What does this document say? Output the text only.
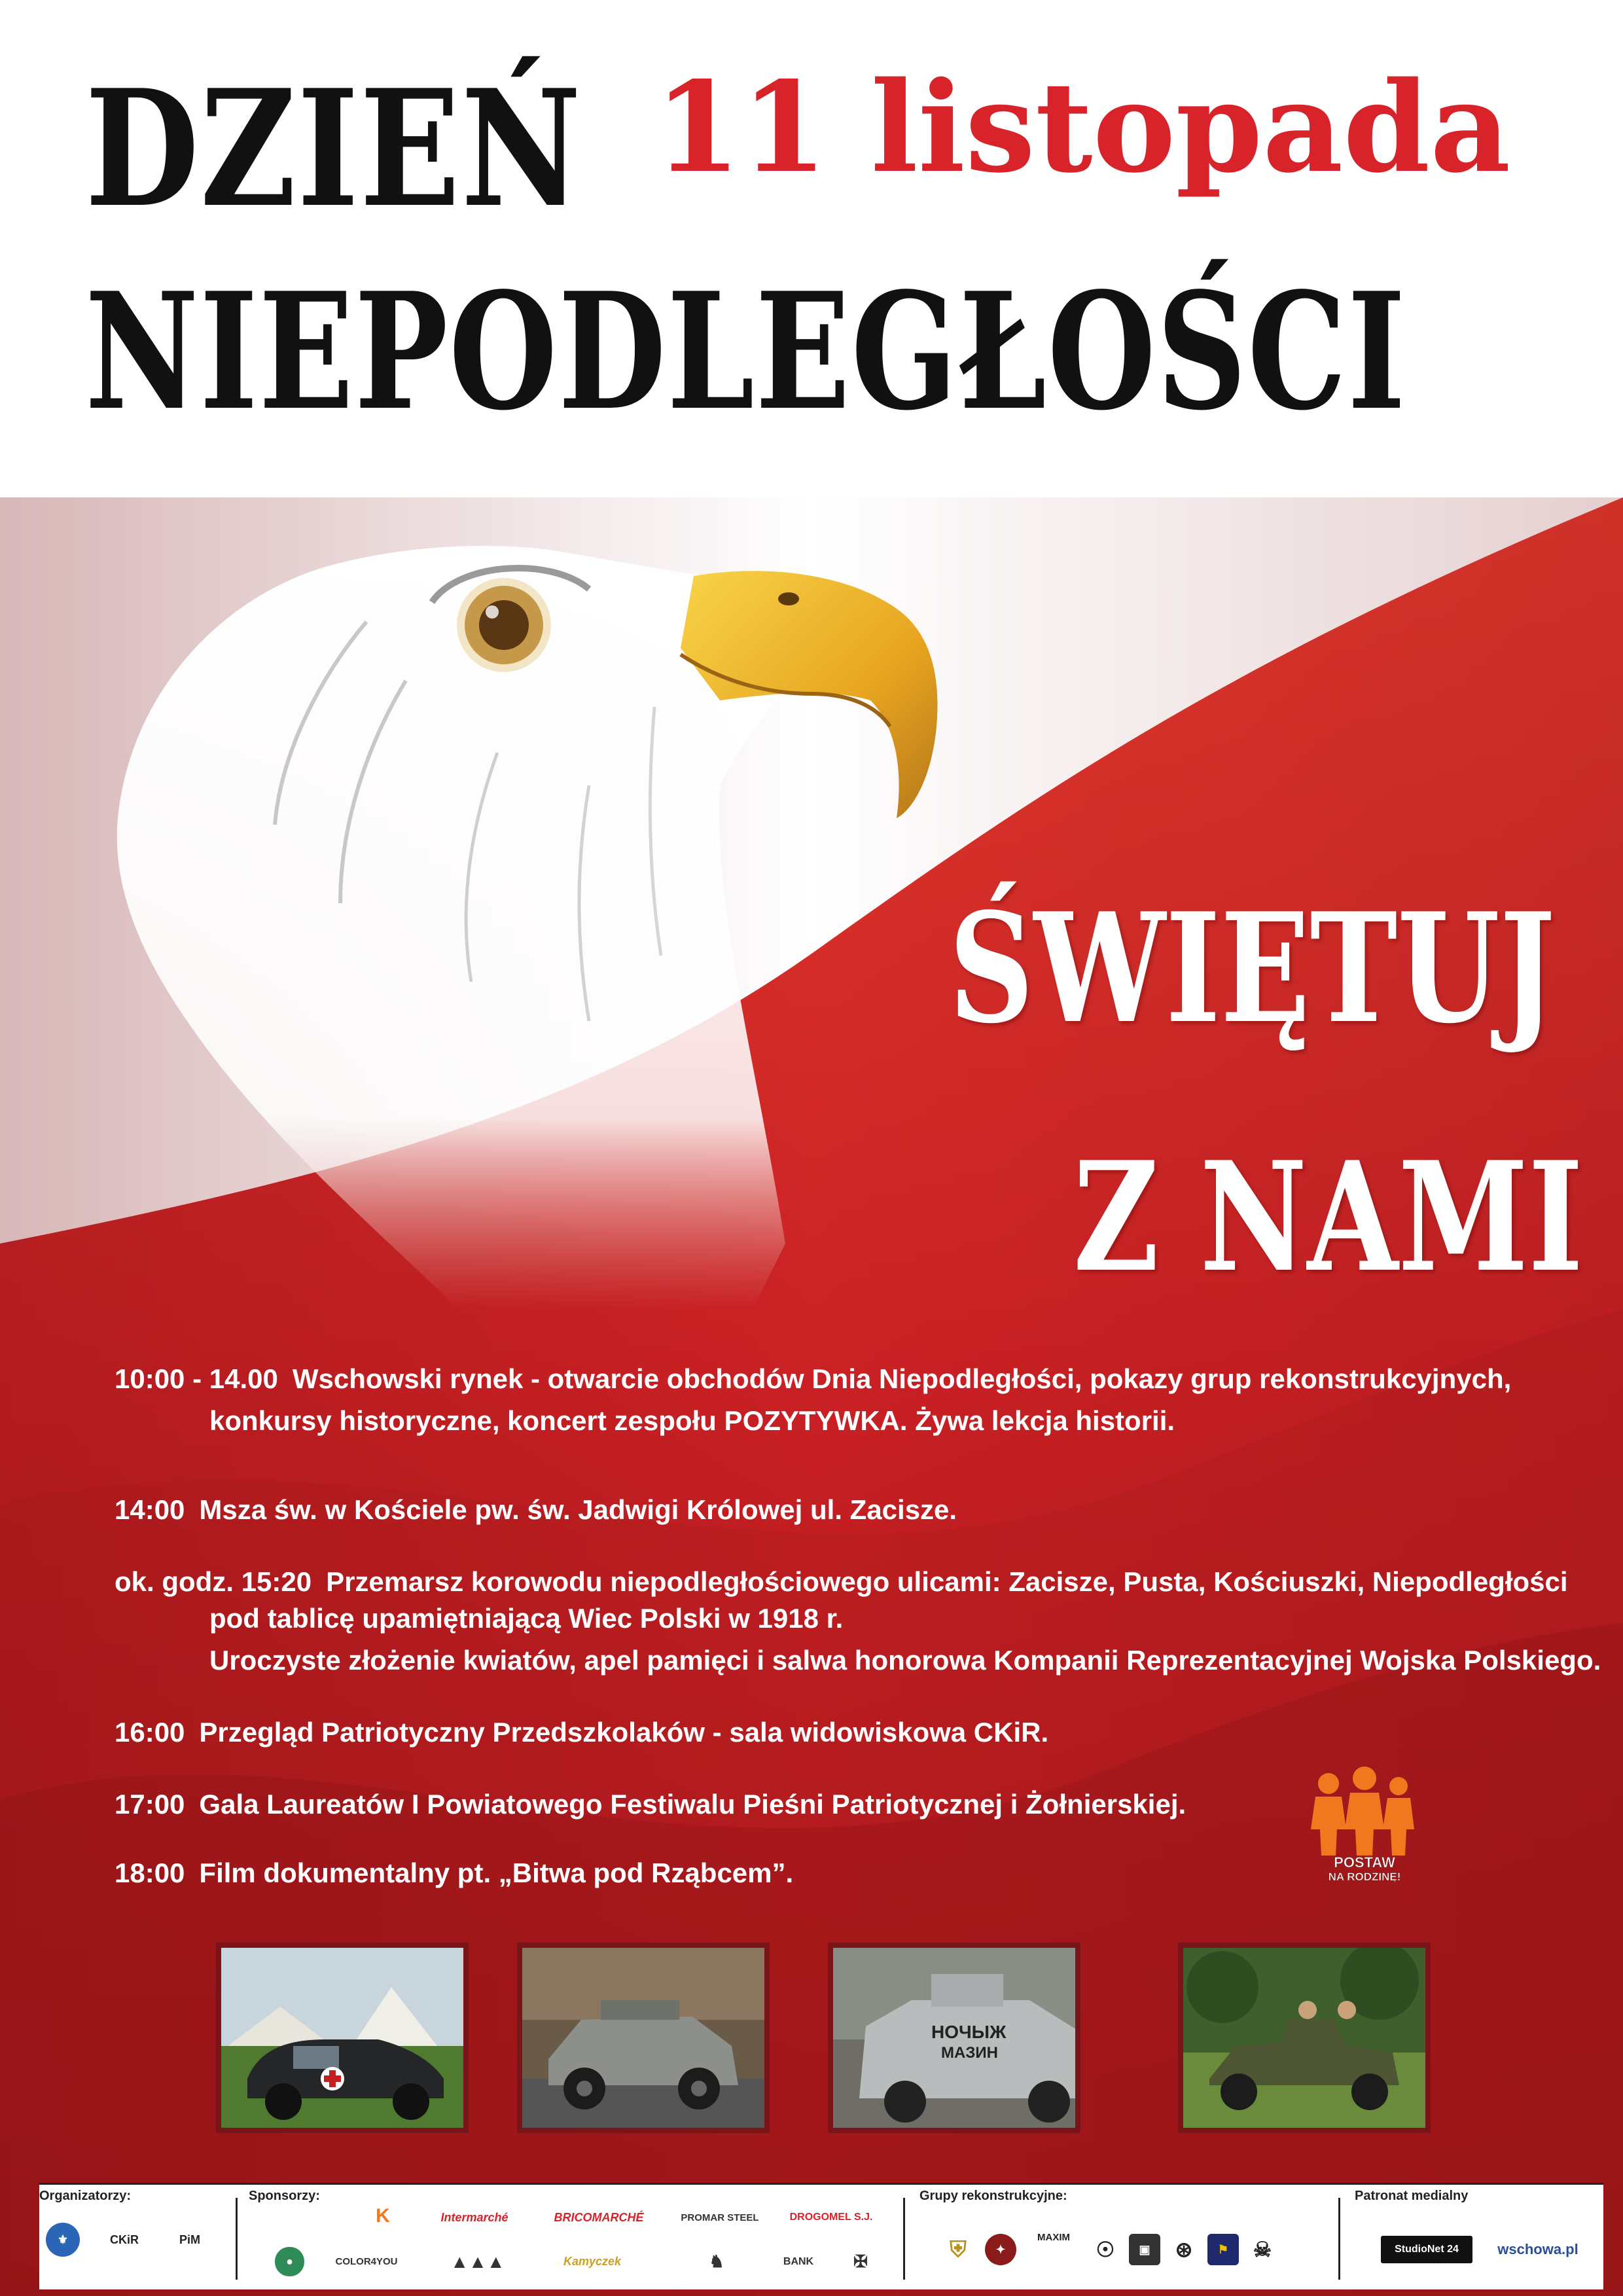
DZIEŃ
NIEPODLEGŁOŚCI
11 listopada
ŚWIĘTUJ
Z NAMI
10:00 - 14.00 Wschowski rynek - otwarcie obchodów Dnia Niepodległości, pokazy grup rekonstrukcyjnych,
konkursy historyczne, koncert zespołu POZYTYWKA. Żywa lekcja historii.
14:00 Msza św. w Kościele pw. św. Jadwigi Królowej ul. Zacisze.
ok. godz. 15:20 Przemarsz korowodu niepodległościowego ulicami: Zacisze, Pusta, Kościuszki, Niepodległości
pod tablicę upamiętniającą Wiec Polski w 1918 r.
Uroczyste złożenie kwiatów, apel pamięci i salwa honorowa Kompanii Reprezentacyjnej Wojska Polskiego.
16:00 Przegląd Patriotyczny Przedszkolaków - sala widowiskowa CKiR.
17:00 Gala Laureatów I Powiatowego Festiwalu Pieśni Patriotycznej i Żołnierskiej.
18:00 Film dokumentalny pt. „Bitwa pod Rząbcem”.	POSTAW
NA RODZINĘ!
НОЧЫЖ
МАЗИН
Organizatorzy:
⚜	CKiR	PiM
Sponsorzy:
K	Intermarché	BRICOMARCHÉ	PROMAR STEEL	DROGOMEL S.J.
●	COLOR4YOU	▲▲▲	Kamyczek	♞	BANK	✠
Grupy rekonstrukcyjne:
⛨	✦
MAXIM
☉	▣	⊛	⚑	☠
Patronat medialny
StudioNet 24	wschowa.pl
